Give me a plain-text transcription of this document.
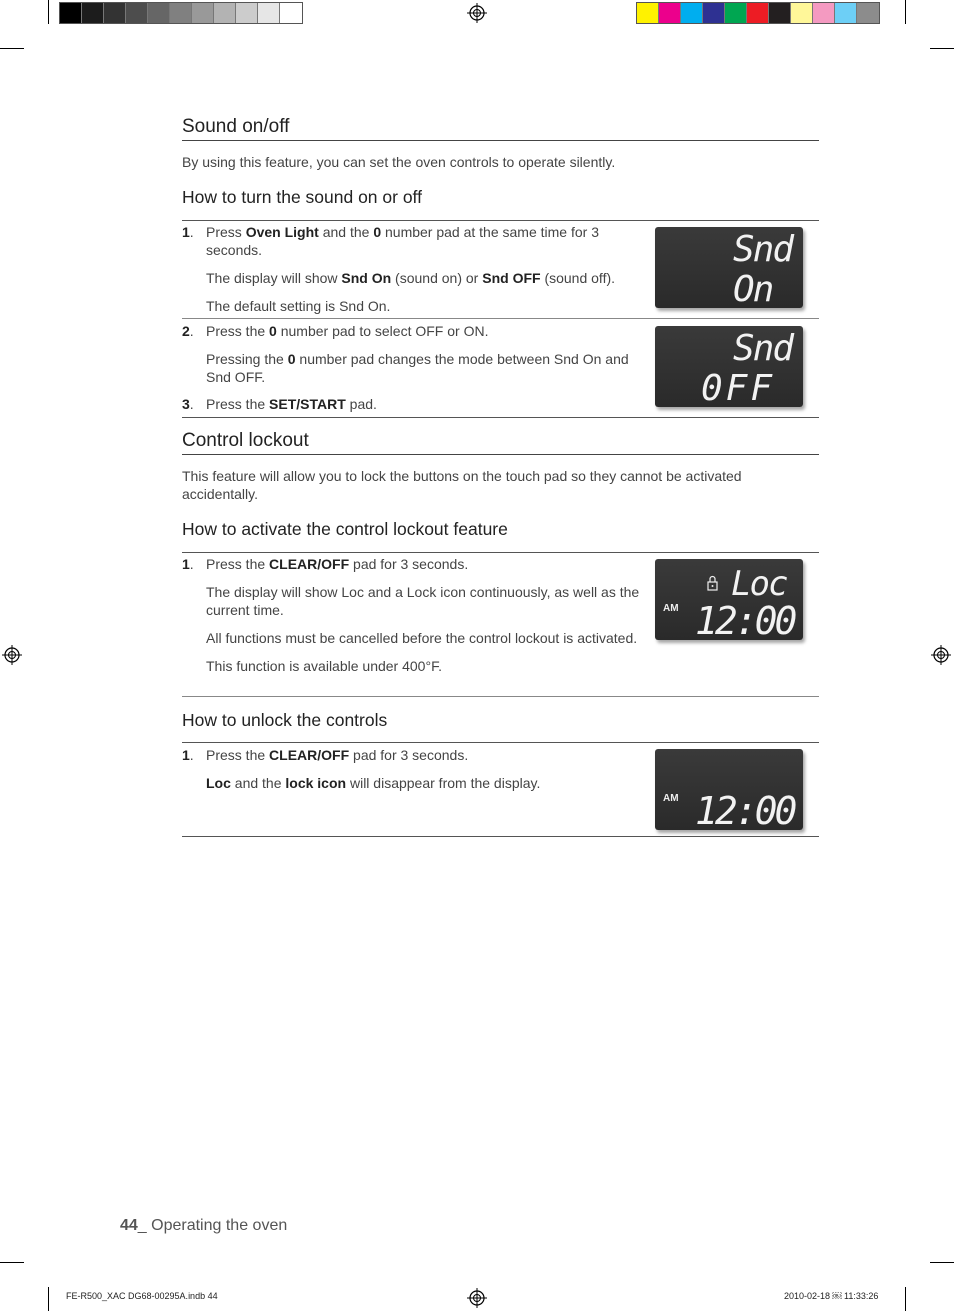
Sound on/off
By using this feature, you can set the oven controls to operate silently.
How to turn the sound on or off
1. Press Oven Light and the 0 number pad at the same time for 3 seconds.

The display will show Snd On (sound on) or Snd OFF (sound off).

The default setting is Snd On.

Snd
On
2. Press the 0 number pad to select OFF or ON.

Pressing the 0 number pad changes the mode between Snd On and Snd OFF.

3. Press the SET/START pad.

Snd
0FF
Control lockout
This feature will allow you to lock the buttons on the touch pad so they cannot be activated accidentally.
How to activate the control lockout feature
1. Press the CLEAR/OFF pad for 3 seconds.

The display will show Loc and a Lock icon continuously, as well as the current time.

All functions must be cancelled before the control lockout is activated.

This function is available under 400°F.

Loc
12:00
AM
How to unlock the controls
1. Press the CLEAR/OFF pad for 3 seconds.

Loc and the lock icon will disappear from the display.

12:00
AM
44_ Operating the oven
FE-R500_XAC DG68-00295A.indb 44	2010-02-18 ￼ 11:33:26
